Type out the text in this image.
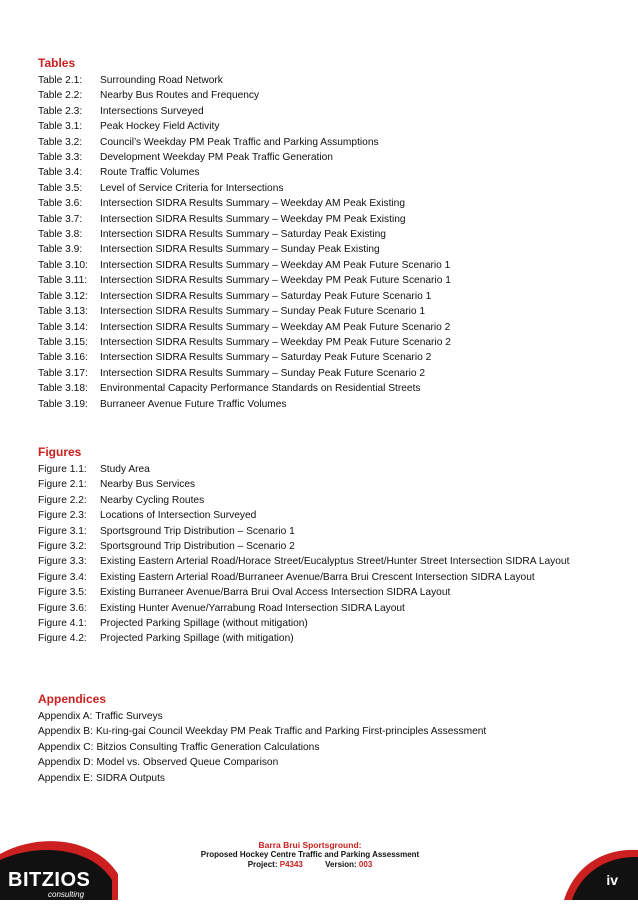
Tables
Table 2.1:	Surrounding Road Network
Table 2.2:	Nearby Bus Routes and Frequency
Table 2.3:	Intersections Surveyed
Table 3.1:	Peak Hockey Field Activity
Table 3.2:	Council’s Weekday PM Peak Traffic and Parking Assumptions
Table 3.3:	Development Weekday PM Peak Traffic Generation
Table 3.4:	Route Traffic Volumes
Table 3.5:	Level of Service Criteria for Intersections
Table 3.6:	Intersection SIDRA Results Summary – Weekday AM Peak Existing
Table 3.7:	Intersection SIDRA Results Summary – Weekday PM Peak Existing
Table 3.8:	Intersection SIDRA Results Summary – Saturday Peak Existing
Table 3.9:	Intersection SIDRA Results Summary – Sunday Peak Existing
Table 3.10:	Intersection SIDRA Results Summary – Weekday AM Peak Future Scenario 1
Table 3.11:	Intersection SIDRA Results Summary – Weekday PM Peak Future Scenario 1
Table 3.12:	Intersection SIDRA Results Summary – Saturday Peak Future Scenario 1
Table 3.13:	Intersection SIDRA Results Summary – Sunday Peak Future Scenario 1
Table 3.14:	Intersection SIDRA Results Summary – Weekday AM Peak Future Scenario 2
Table 3.15:	Intersection SIDRA Results Summary – Weekday PM Peak Future Scenario 2
Table 3.16:	Intersection SIDRA Results Summary – Saturday Peak Future Scenario 2
Table 3.17:	Intersection SIDRA Results Summary – Sunday Peak Future Scenario 2
Table 3.18:	Environmental Capacity Performance Standards on Residential Streets
Table 3.19:	Burraneer Avenue Future Traffic Volumes
Figures
Figure 1.1:	Study Area
Figure 2.1:	Nearby Bus Services
Figure 2.2:	Nearby Cycling Routes
Figure 2.3:	Locations of Intersection Surveyed
Figure 3.1:	Sportsground Trip Distribution – Scenario 1
Figure 3.2:	Sportsground Trip Distribution – Scenario 2
Figure 3.3:	Existing Eastern Arterial Road/Horace Street/Eucalyptus Street/Hunter Street Intersection SIDRA Layout
Figure 3.4:	Existing Eastern Arterial Road/Burraneer Avenue/Barra Brui Crescent Intersection SIDRA Layout
Figure 3.5:	Existing Burraneer Avenue/Barra Brui Oval Access Intersection SIDRA Layout
Figure 3.6:	Existing Hunter Avenue/Yarrabung Road Intersection SIDRA Layout
Figure 4.1:	Projected Parking Spillage (without mitigation)
Figure 4.2:	Projected Parking Spillage (with mitigation)
Appendices
Appendix A: Traffic Surveys
Appendix B: Ku-ring-gai Council Weekday PM Peak Traffic and Parking First-principles Assessment
Appendix C: Bitzios Consulting Traffic Generation Calculations
Appendix D: Model vs. Observed Queue Comparison
Appendix E: SIDRA Outputs
BITZIOS
consulting
Barra Brui Sportsground:
Proposed Hockey Centre Traffic and Parking Assessment
Project: P4343	Version: 003
iv
